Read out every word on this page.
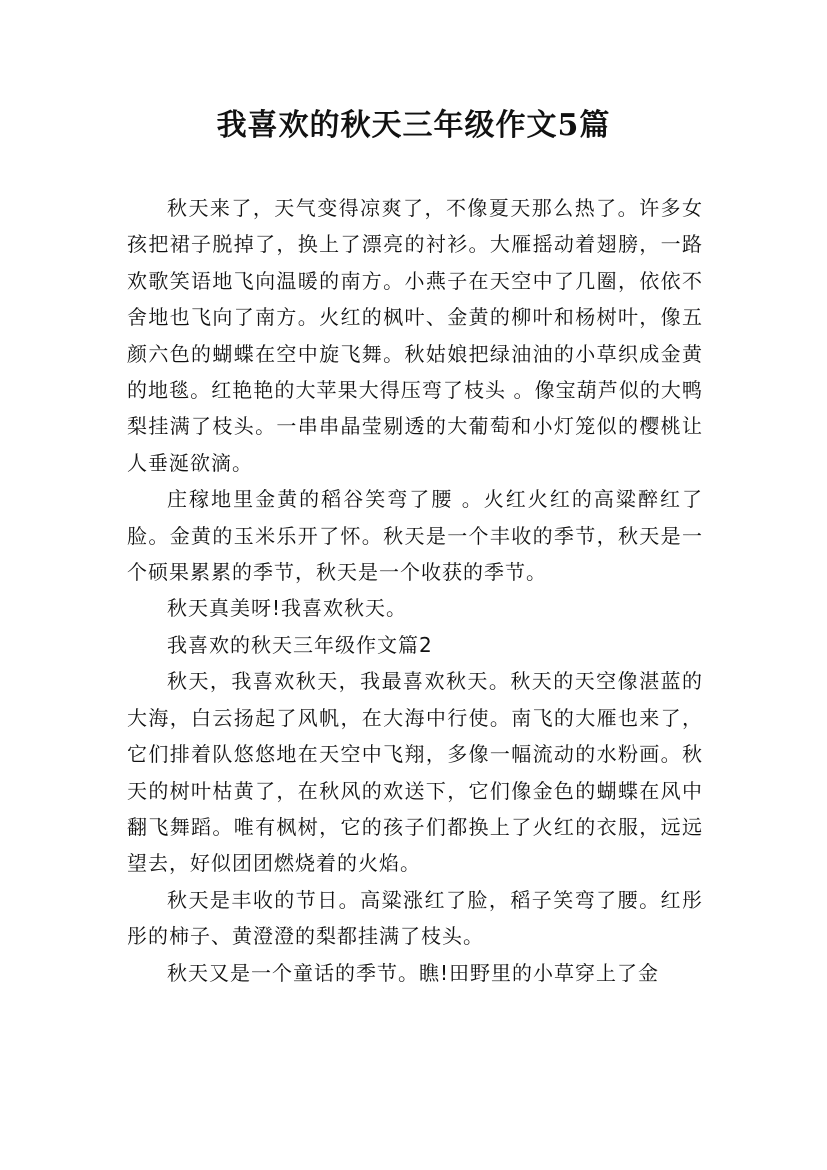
我喜欢的秋天三年级作文5篇

秋天来了，天气变得凉爽了，不像夏天那么热了。许多女孩把裙子脱掉了，换上了漂亮的衬衫。大雁摇动着翅膀，一路欢歌笑语地飞向温暖的南方。小燕子在天空中了几圈，依依不舍地也飞向了南方。火红的枫叶、金黄的柳叶和杨树叶，像五颜六色的蝴蝶在空中旋飞舞。秋姑娘把绿油油的小草织成金黄的地毯。红艳艳的大苹果大得压弯了枝头 。像宝葫芦似的大鸭梨挂满了枝头。一串串晶莹剔透的大葡萄和小灯笼似的樱桃让人垂涎欲滴。

庄稼地里金黄的稻谷笑弯了腰 。火红火红的高粱醉红了脸。金黄的玉米乐开了怀。秋天是一个丰收的季节，秋天是一个硕果累累的季节，秋天是一个收获的季节。

秋天真美呀!我喜欢秋天。

我喜欢的秋天三年级作文篇2

秋天，我喜欢秋天，我最喜欢秋天。秋天的天空像湛蓝的大海，白云扬起了风帆，在大海中行使。南飞的大雁也来了，它们排着队悠悠地在天空中飞翔，多像一幅流动的水粉画。秋天的树叶枯黄了，在秋风的欢送下，它们像金色的蝴蝶在风中翻飞舞蹈。唯有枫树，它的孩子们都换上了火红的衣服，远远望去，好似团团燃烧着的火焰。

秋天是丰收的节日。高粱涨红了脸，稻子笑弯了腰。红彤彤的柿子、黄澄澄的梨都挂满了枝头。

秋天又是一个童话的季节。瞧!田野里的小草穿上了金
